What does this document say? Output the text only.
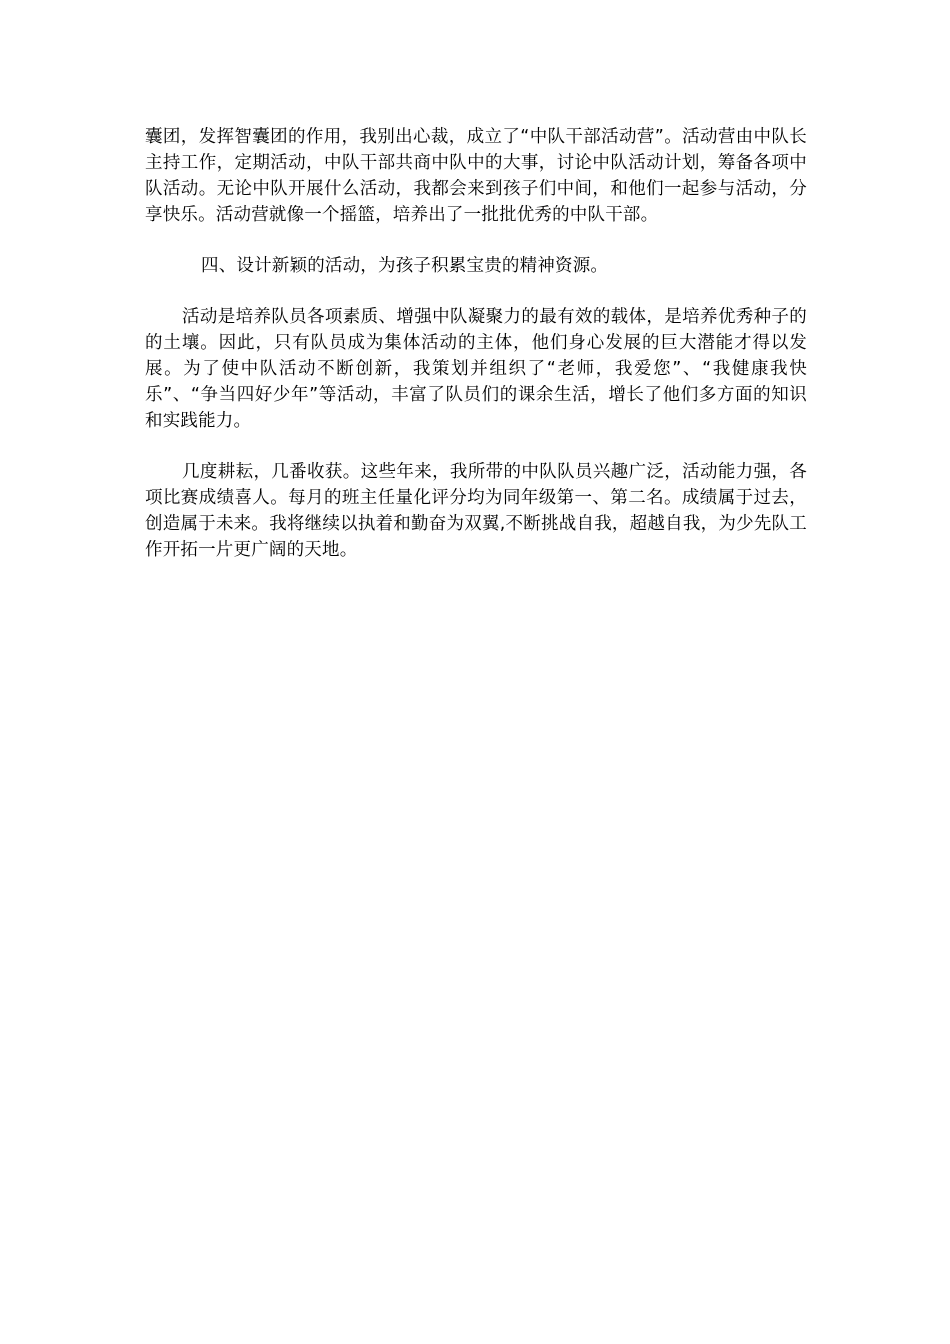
囊团，发挥智囊团的作用，我别出心裁，成立了“中队干部活动营”。活动营由中队长主持工作，定期活动，中队干部共商中队中的大事，讨论中队活动计划，筹备各项中队活动。无论中队开展什么活动，我都会来到孩子们中间，和他们一起参与活动，分享快乐。活动营就像一个摇篮，培养出了一批批优秀的中队干部。

四、设计新颖的活动，为孩子积累宝贵的精神资源。

活动是培养队员各项素质、增强中队凝聚力的最有效的载体，是培养优秀种子的的土壤。因此，只有队员成为集体活动的主体，他们身心发展的巨大潜能才得以发展。为了使中队活动不断创新，我策划并组织了“老师，我爱您”、“我健康我快乐”、“争当四好少年”等活动，丰富了队员们的课余生活，增长了他们多方面的知识和实践能力。

几度耕耘，几番收获。这些年来，我所带的中队队员兴趣广泛，活动能力强，各项比赛成绩喜人。每月的班主任量化评分均为同年级第一、第二名。成绩属于过去，创造属于未来。我将继续以执着和勤奋为双翼,不断挑战自我，超越自我，为少先队工作开拓一片更广阔的天地。
